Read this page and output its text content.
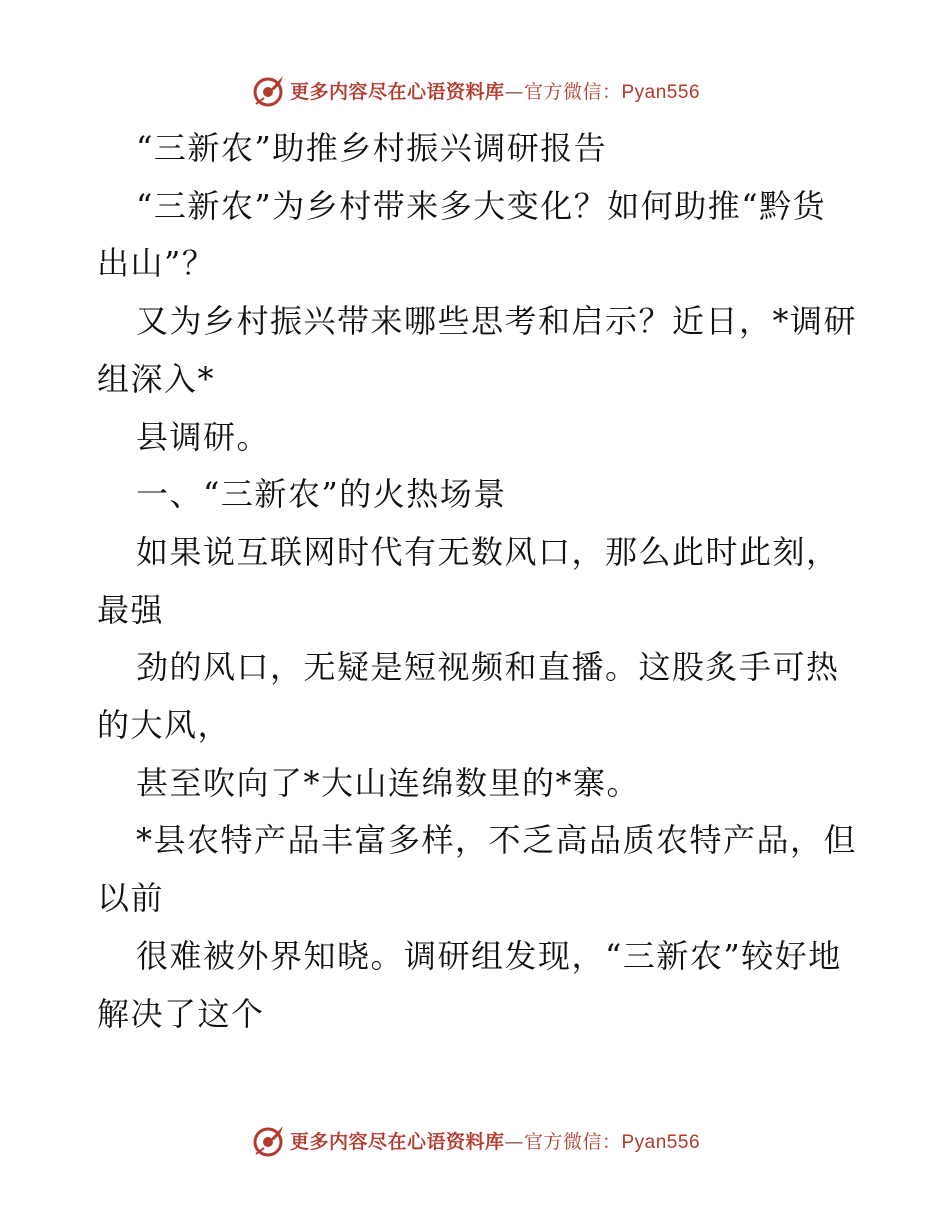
更多内容尽在心语资料库—官方微信：Pyan556

“三新农”助推乡村振兴调研报告

“三新农”为乡村带来多大变化？如何助推“黔货出山”？

又为乡村振兴带来哪些思考和启示？近日，*调研组深入*

县调研。

一、“三新农”的火热场景

如果说互联网时代有无数风口，那么此时此刻，最强

劲的风口，无疑是短视频和直播。这股炙手可热的大风，

甚至吹向了*大山连绵数里的*寨。

*县农特产品丰富多样，不乏高品质农特产品，但以前

很难被外界知晓。调研组发现，“三新农”较好地解决了这个

更多内容尽在心语资料库—官方微信：Pyan556
